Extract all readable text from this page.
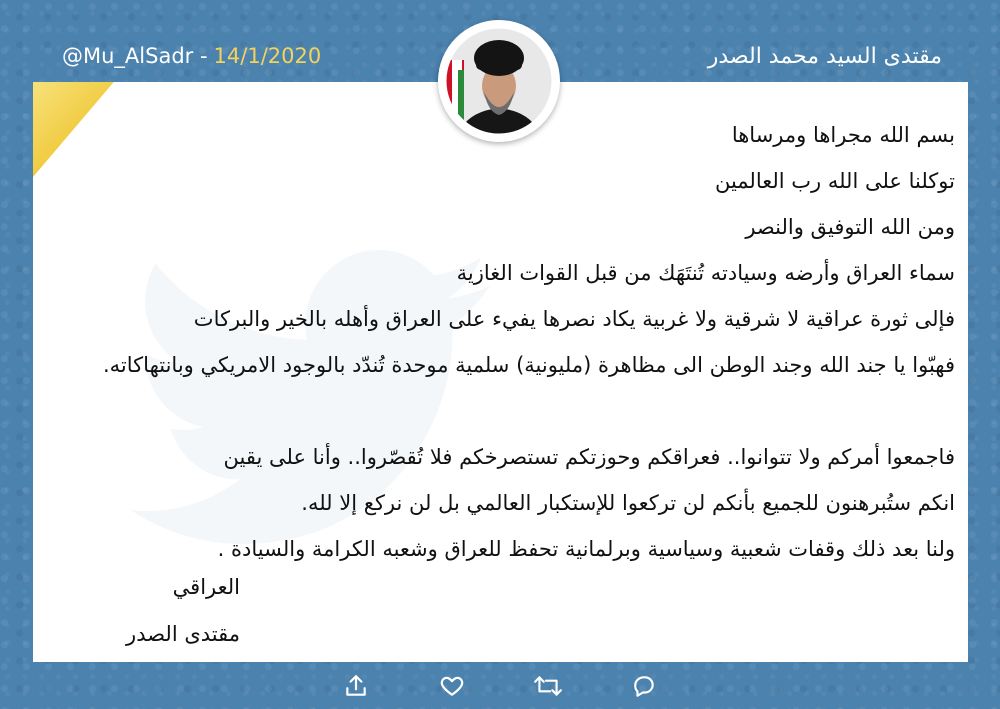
@Mu_AlSadr - 14/1/2020	مقتدى السيد محمد الصدر
بسم الله مجراها ومرساها
توكلنا على الله رب العالمين
ومن الله التوفيق والنصر
سماء العراق وأرضه وسيادته تُنتَهَك من قبل القوات الغازية
فإلى ثورة عراقية لا شرقية ولا غربية يكاد نصرها يفيء على العراق وأهله بالخير والبركات
فهبّوا يا جند الله وجند الوطن الى مظاهرة (مليونية) سلمية موحدة تُندّد بالوجود الامريكي وبانتهاكاته.
فاجمعوا أمركم ولا تتوانوا.. فعراقكم وحوزتكم تستصرخكم فلا تُقصّروا.. وأنا على يقين
انكم ستُبرهنون للجميع بأنكم لن تركعوا للإستكبار العالمي بل لن نركع إلا لله.
ولنا بعد ذلك وقفات شعبية وسياسية وبرلمانية تحفظ للعراق وشعبه الكرامة والسيادة .
العراقي
مقتدى الصدر
